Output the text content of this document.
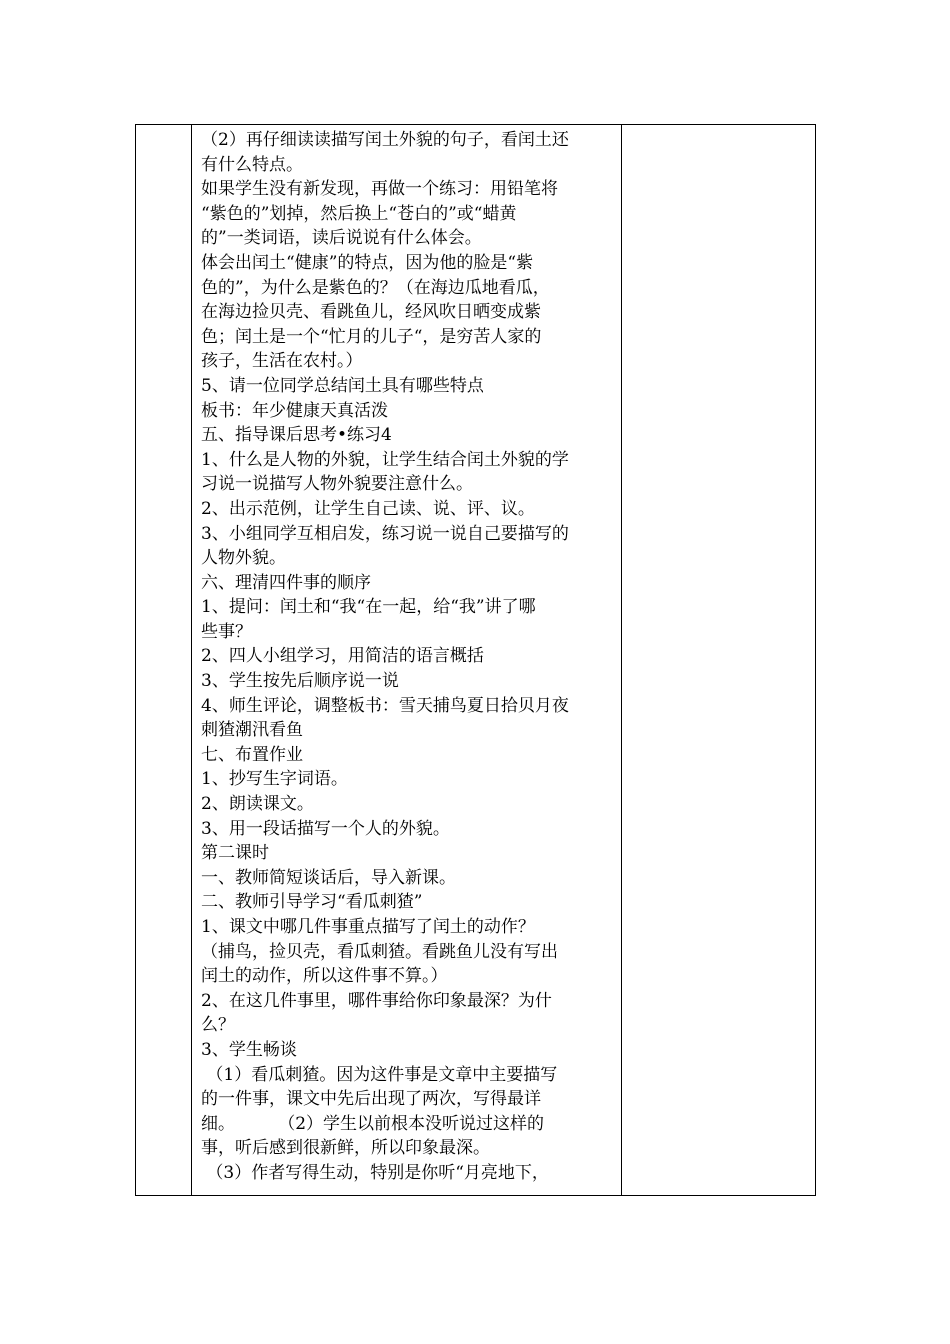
（2）再仔细读读描写闰土外貌的句子，看闰土还
有什么特点。
如果学生没有新发现，再做一个练习：用铅笔将
“紫色的”划掉，然后换上“苍白的”或“蜡黄
的”一类词语，读后说说有什么体会。
体会出闰土“健康”的特点，因为他的脸是“紫
色的”，为什么是紫色的？（在海边瓜地看瓜，
在海边捡贝壳、看跳鱼儿，经风吹日晒变成紫
色；闰土是一个“忙月的儿子“，是穷苦人家的
孩子，生活在农村。）
5、请一位同学总结闰土具有哪些特点
板书：年少健康天真活泼
五、指导课后思考•练习4
1、什么是人物的外貌，让学生结合闰土外貌的学
习说一说描写人物外貌要注意什么。
2、出示范例，让学生自己读、说、评、议。
3、小组同学互相启发，练习说一说自己要描写的
人物外貌。
六、理清四件事的顺序
1、提问：闰土和“我“在一起，给“我”讲了哪
些事？
2、四人小组学习，用简洁的语言概括
3、学生按先后顺序说一说
4、师生评论，调整板书：雪天捕鸟夏日拾贝月夜
刺猹潮汛看鱼
七、布置作业
1、抄写生字词语。
2、朗读课文。
3、用一段话描写一个人的外貌。
第二课时
一、教师简短谈话后，导入新课。
二、教师引导学习“看瓜刺猹”
1、课文中哪几件事重点描写了闰土的动作？
（捕鸟，捡贝壳，看瓜刺猹。看跳鱼儿没有写出
闰土的动作，所以这件事不算。）
2、在这几件事里，哪件事给你印象最深？为什
么？
3、学生畅谈
（1）看瓜刺猹。因为这件事是文章中主要描写
的一件事，课文中先后出现了两次，写得最详
细。        （2）学生以前根本没听说过这样的
事，听后感到很新鲜，所以印象最深。
（3）作者写得生动，特别是你听“月亮地下，
